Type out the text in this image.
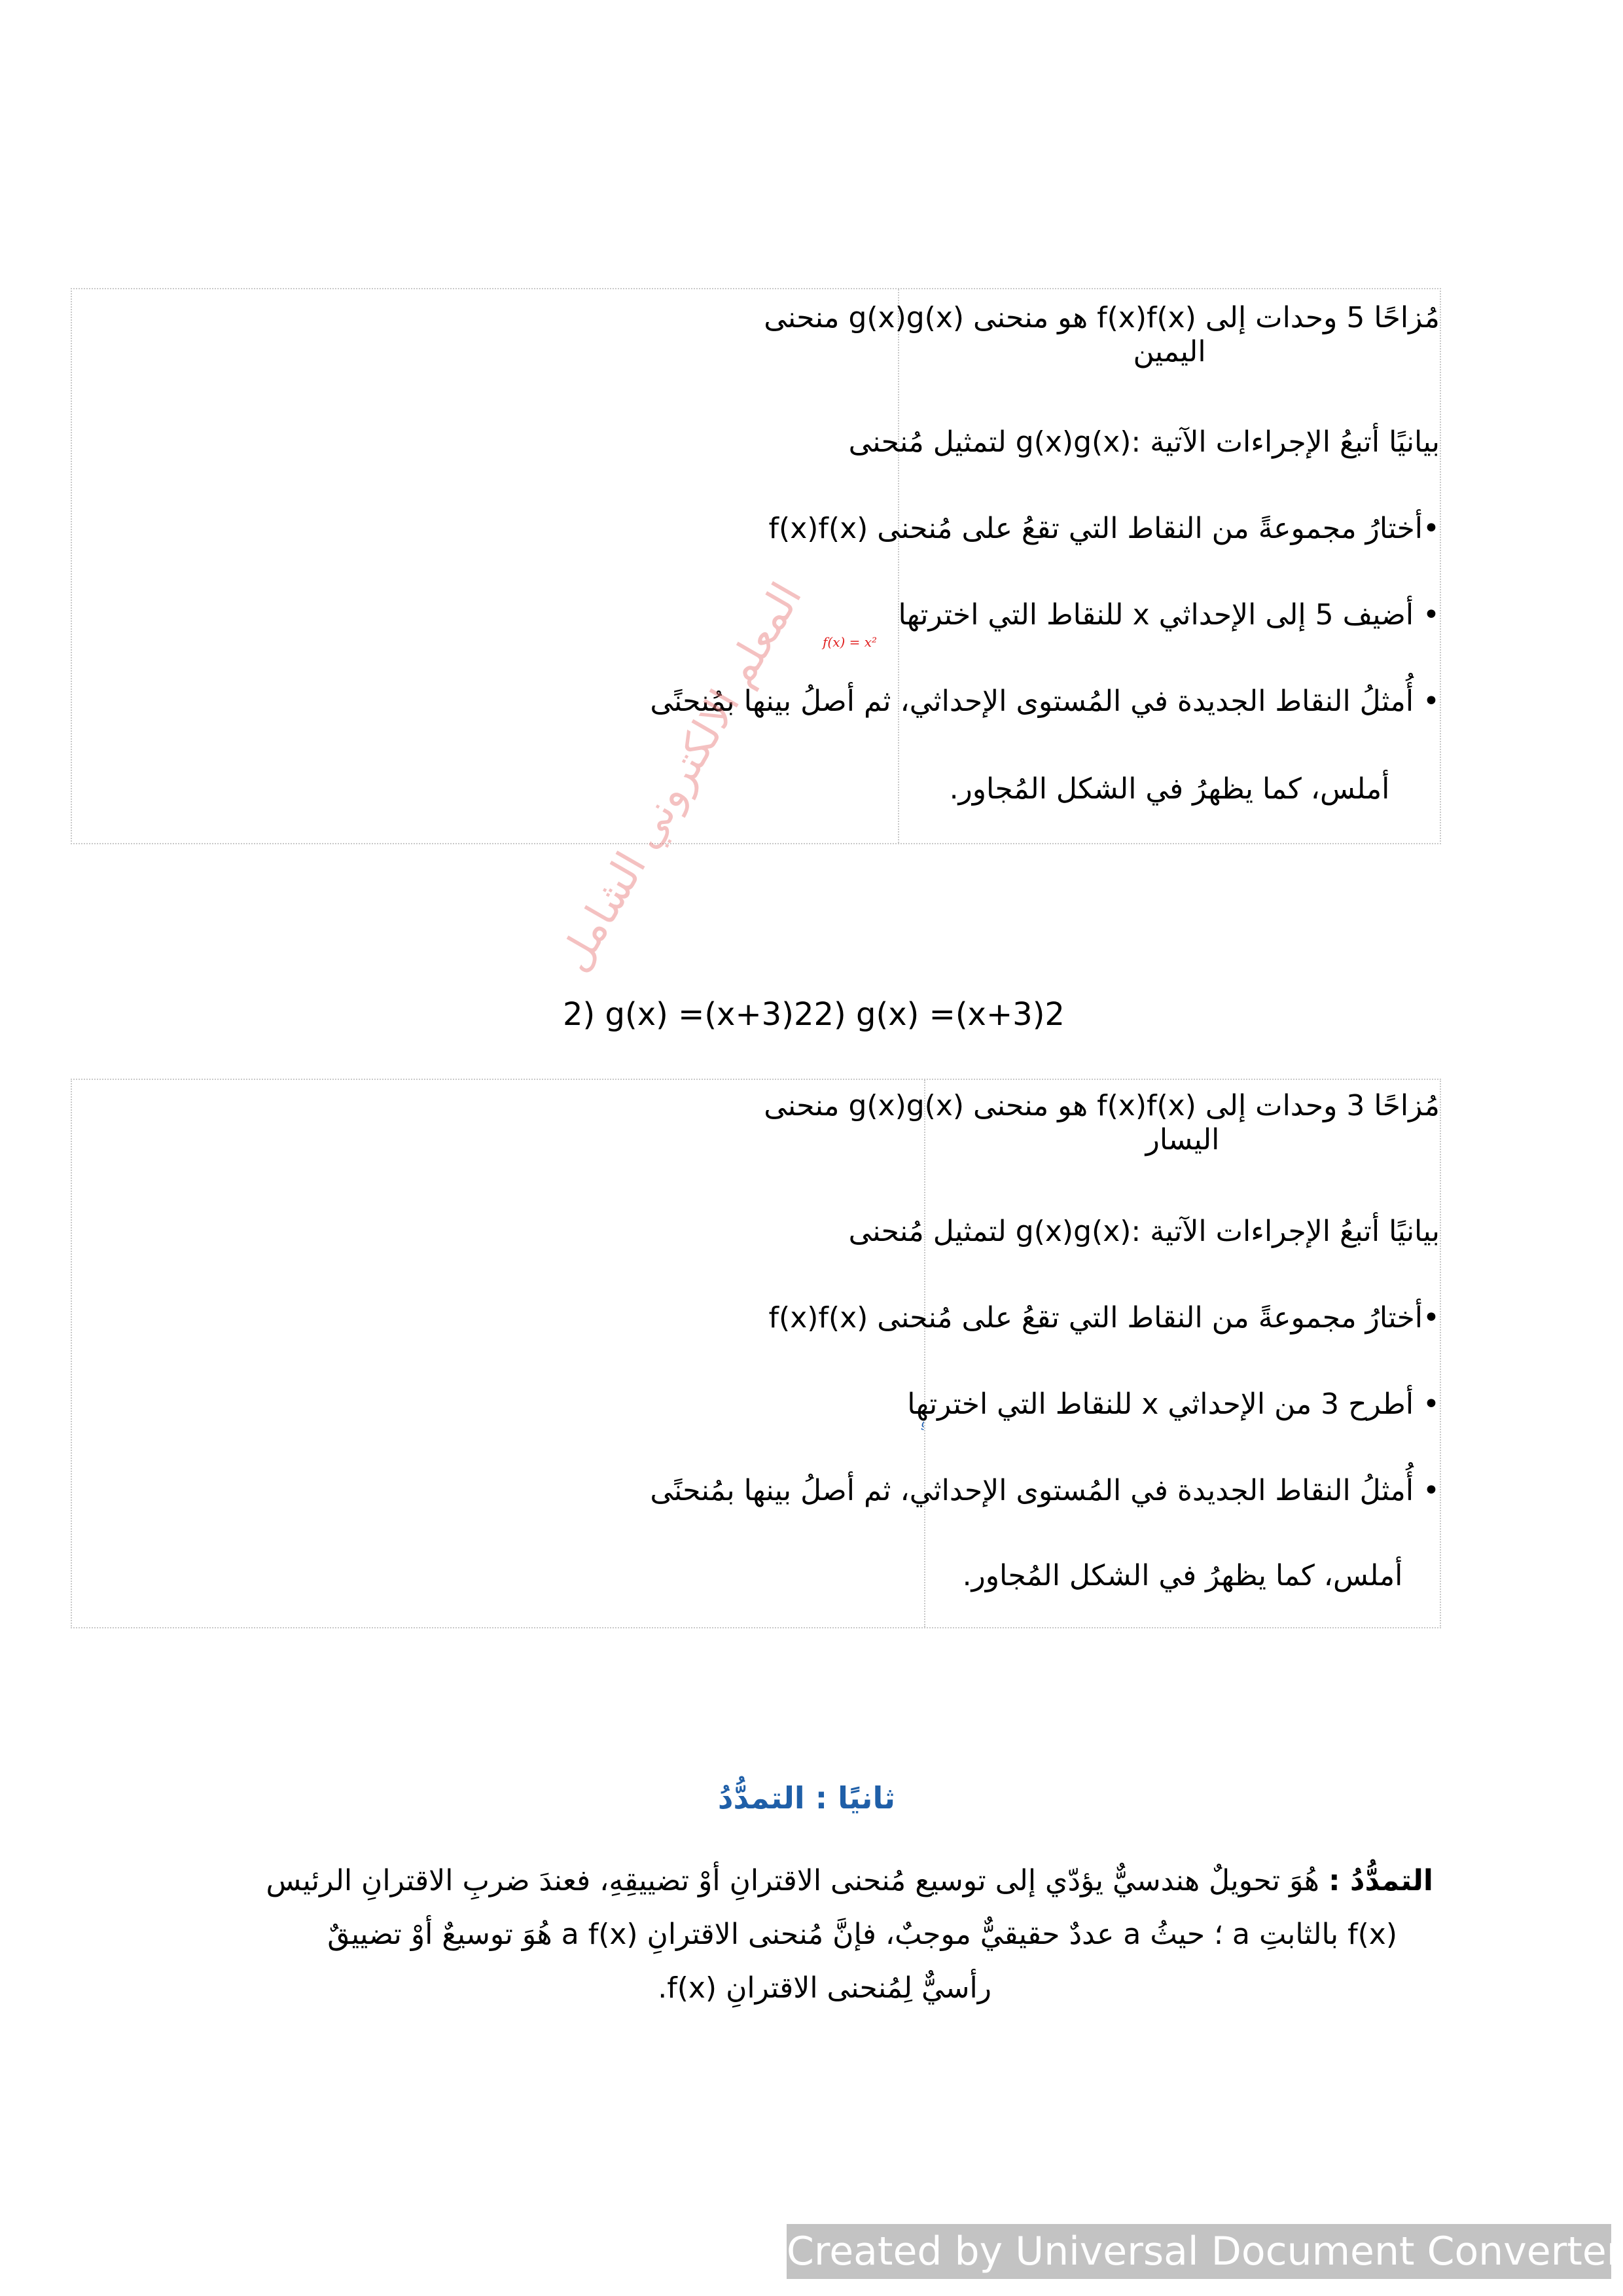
f(x) = x²
مُزاحًا 5 وحدات إلى f(x)f(x) هو منحنى g(x)g(x) منحنى
اليمين
بيانيًا أتبعُ الإجراءات الآتية :g(x)g(x) لتمثيل مُنحنى
•أختارُ مجموعةً من النقاط التي تقعُ على مُنحنى f(x)f(x)
• أضيف 5 إلى الإحداثي x للنقاط التي اخترتها
• أُمثلُ النقاط الجديدة في المُستوى الإحداثي، ثم أصلُ بينها بمُنحنًى
أملس، كما يظهرُ في الشكل المُجاور.
المعلم الالكتروني الشامل
2) g(x) =(x+3)22) g(x) =(x+3)2
مُزاحًا 3 وحدات إلى f(x)f(x) هو منحنى g(x)g(x) منحنى
اليسار
بيانيًا أتبعُ الإجراءات الآتية :g(x)g(x) لتمثيل مُنحنى
•أختارُ مجموعةً من النقاط التي تقعُ على مُنحنى f(x)f(x)
• أطرح 3 من الإحداثي x للنقاط التي اخترتها
• أُمثلُ النقاط الجديدة في المُستوى الإحداثي، ثم أصلُ بينها بمُنحنًى
أملس، كما يظهرُ في الشكل المُجاور.
ثانيًا : التمدُّدُ
التمدُّدُ : هُوَ تحويلٌ هندسيٌّ يؤدّي إلى توسيع مُنحنى الاقترانِ أوْ تضييقِهِ، فعندَ ضربِ الاقترانِ الرئيس
(f(x بالثابتِ a ؛ حيثُ a عددٌ حقيقيٌّ موجبٌ، فإنَّ مُنحنى الاقترانِ a f(x) هُوَ توسيعٌ أوْ تضييقٌ
رأسيٌّ لِمُنحنى الاقترانِ f(x).
Created by Universal Document Converter
